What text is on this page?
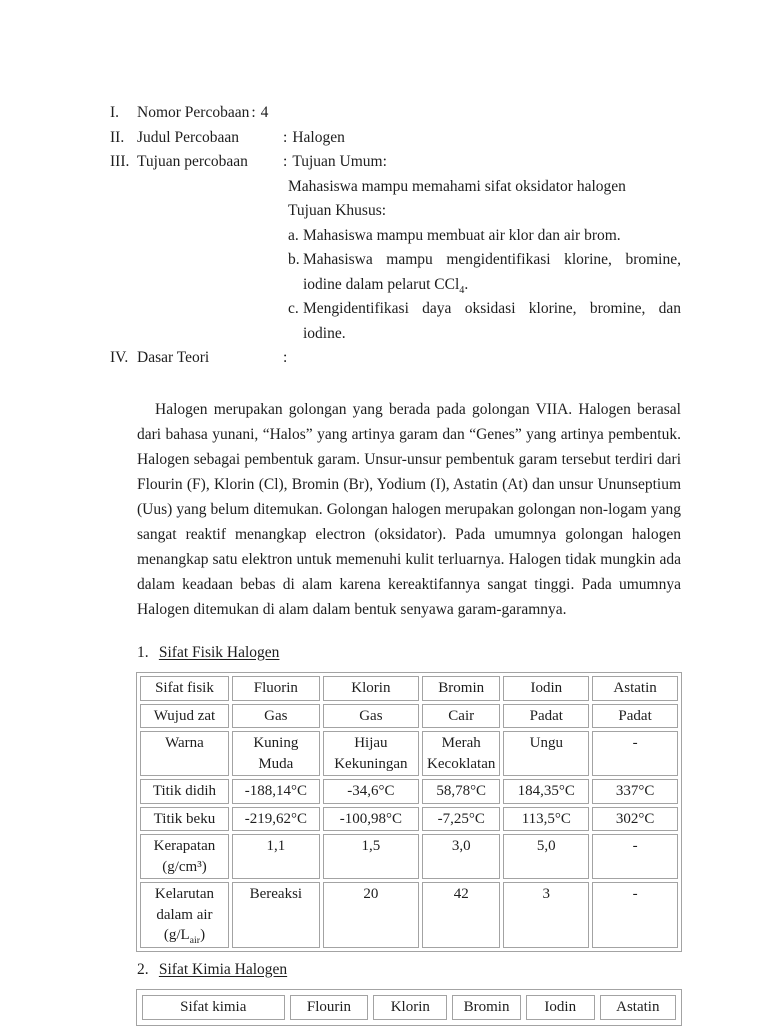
I.	Nomor Percobaan : 4
II. Judul Percobaan	: Halogen
III. Tujuan percobaan	: Tujuan Umum:
Mahasiswa mampu memahami sifat oksidator halogen
Tujuan Khusus:
a. Mahasiswa mampu membuat air klor dan air brom.
b. Mahasiswa mampu mengidentifikasi klorine, bromine,
iodine dalam pelarut CCl$_4$.
c. Mengidentifikasi daya oksidasi klorine, bromine, dan
iodine.
IV. Dasar Teori	:

Halogen merupakan golongan yang berada pada golongan VIIA. Halogen berasal dari bahasa yunani, “Halos” yang artinya garam dan “Genes” yang artinya pembentuk. Halogen sebagai pembentuk garam. Unsur-unsur pembentuk garam tersebut terdiri dari Flourin (F), Klorin (Cl), Bromin (Br), Yodium (I), Astatin (At) dan unsur Ununseptium (Uus) yang belum ditemukan. Golongan halogen merupakan golongan non-logam yang sangat reaktif menangkap electron (oksidator). Pada umumnya golongan halogen menangkap satu elektron untuk memenuhi kulit terluarnya. Halogen tidak mungkin ada dalam keadaan bebas di alam karena kereaktifannya sangat tinggi. Pada umumnya Halogen ditemukan di alam dalam bentuk senyawa garam-garamnya.

1. Sifat Fisik Halogen
Sifat fisik	Fluorin	Klorin	Bromin	Iodin	Astatin
Wujud zat	Gas	Gas	Cair	Padat	Padat
Warna	Kuning Muda	Hijau Kekuningan	Merah Kecoklatan	Ungu	-
Titik didih	-188,14°C	-34,6°C	58,78°C	184,35°C	337°C
Titik beku	-219,62°C	-100,98°C	-7,25°C	113,5°C	302°C
Kerapatan (g/cm³)	1,1	1,5	3,0	5,0	-
Kelarutan dalam air $(g/L_{air})$	Bereaksi	20	42	3	-
2. Sifat Kimia Halogen
Sifat kimia	Flourin	Klorin	Bromin	Iodin	Astatin
